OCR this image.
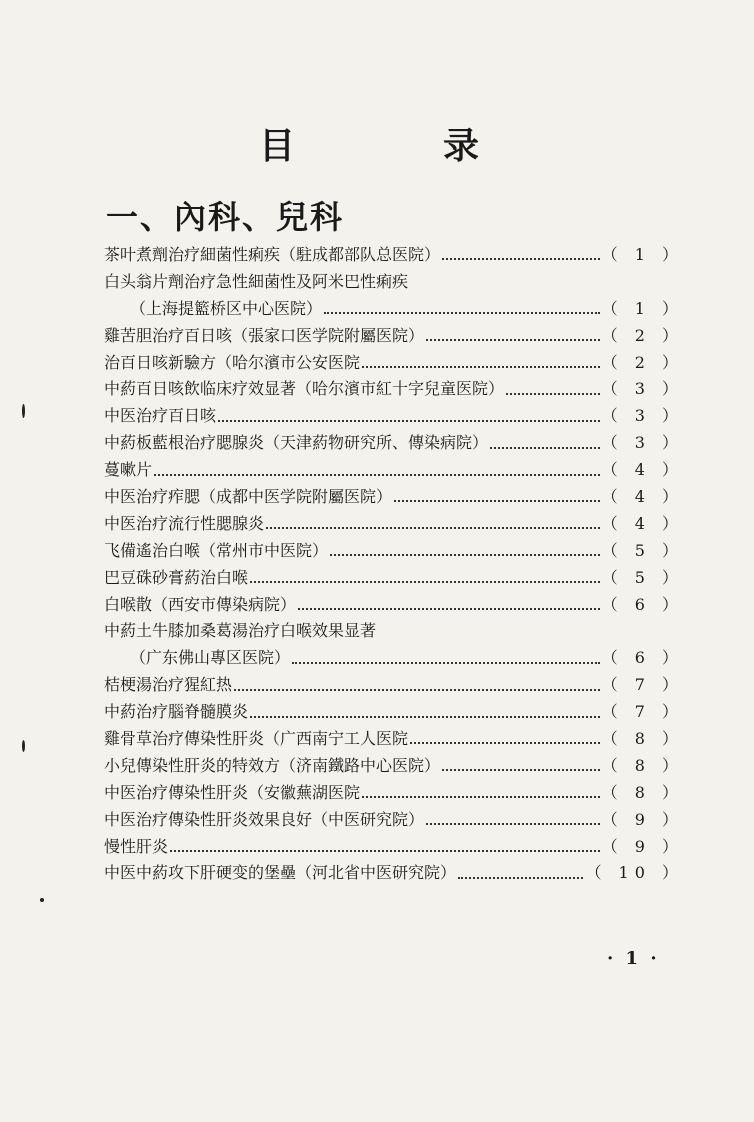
目　录
一、內科、兒科
茶叶煮劑治疗細菌性痢疾（駐成都部队总医院）	（ 1 ）
白头翁片劑治疗急性細菌性及阿米巴性痢疾
（上海提籃桥区中心医院）	（ 1 ）
雞苦胆治疗百日咳（張家口医学院附屬医院）	（ 2 ）
治百日咳新驗方（哈尔濱市公安医院	（ 2 ）
中葯百日咳飲临床疗效显著（哈尔濱市紅十字兒童医院）	（ 3 ）
中医治疗百日咳	（ 3 ）
中葯板藍根治疗腮腺炎（天津葯物研究所、傳染病院）	（ 3 ）
蔓嗽片	（ 4 ）
中医治疗痄腮（成都中医学院附屬医院）	（ 4 ）
中医治疗流行性腮腺炎	（ 4 ）
飞備遙治白喉（常州市中医院）	（ 5 ）
巴豆硃砂膏葯治白喉	（ 5 ）
白喉散（西安市傳染病院）	（ 6 ）
中葯土牛膝加桑葛湯治疗白喉效果显著
（广东佛山專区医院）	（ 6 ）
桔梗湯治疗猩紅热	（ 7 ）
中葯治疗腦脊髓膜炎	（ 7 ）
雞骨草治疗傳染性肝炎（广西南宁工人医院	（ 8 ）
小兒傳染性肝炎的特效方（济南鐵路中心医院）	（ 8 ）
中医治疗傳染性肝炎（安徽蕪湖医院	（ 8 ）
中医治疗傳染性肝炎效果良好（中医研究院）	（ 9 ）
慢性肝炎	（ 9 ）
中医中葯攻下肝硬变的堡壘（河北省中医研究院）	（ 10 ）
· 1 ·
